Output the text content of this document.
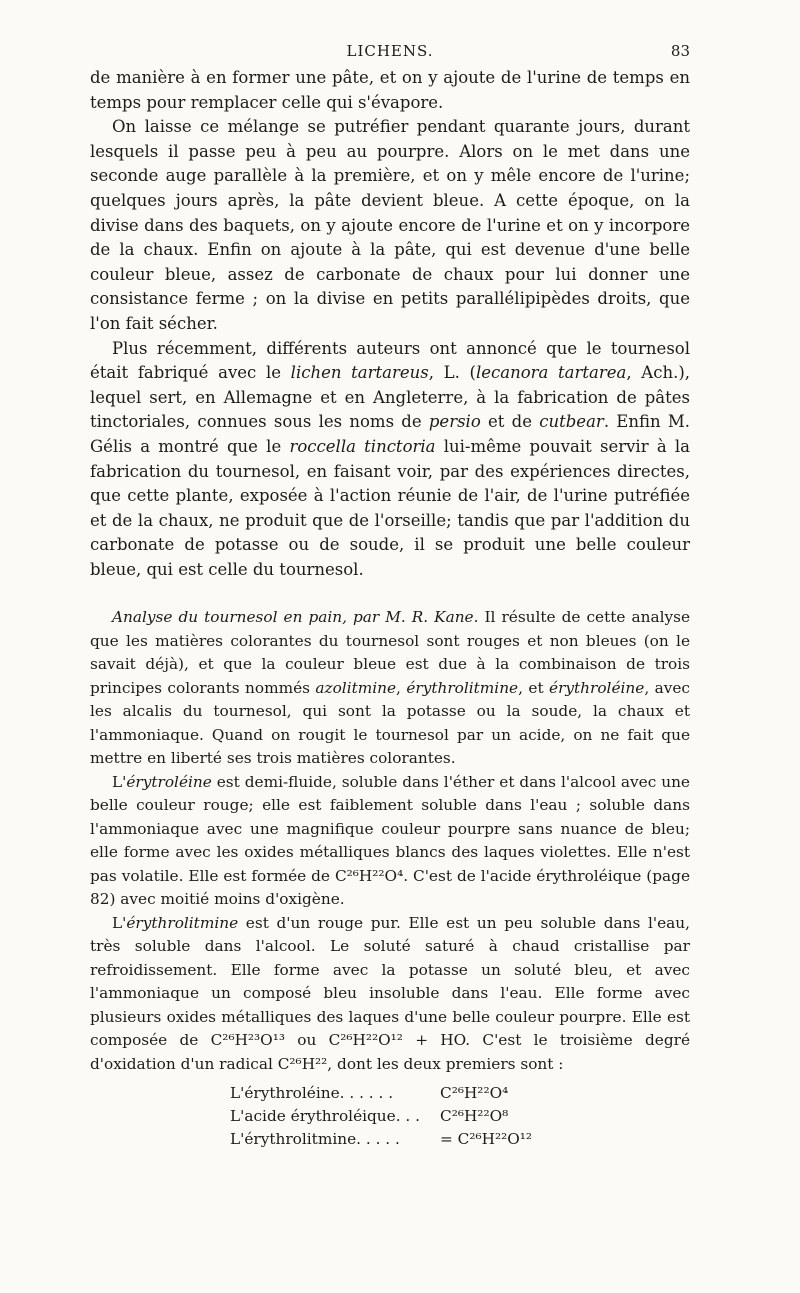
LICHENS.	83

de manière à en former une pâte, et on y ajoute de l'urine de temps en temps pour remplacer celle qui s'évapore.

On laisse ce mélange se putréfier pendant quarante jours, durant lesquels il passe peu à peu au pourpre. Alors on le met dans une seconde auge parallèle à la première, et on y mêle encore de l'urine; quelques jours après, la pâte devient bleue. A cette époque, on la divise dans des baquets, on y ajoute encore de l'urine et on y incorpore de la chaux. Enfin on ajoute à la pâte, qui est devenue d'une belle couleur bleue, assez de carbonate de chaux pour lui donner une consistance ferme ; on la divise en petits parallélipipèdes droits, que l'on fait sécher.

Plus récemment, différents auteurs ont annoncé que le tournesol était fabriqué avec le lichen tartareus, L. (lecanora tartarea, Ach.), lequel sert, en Allemagne et en Angleterre, à la fabrication de pâtes tinctoriales, connues sous les noms de persio et de cutbear. Enfin M. Gélis a montré que le roccella tinctoria lui-même pouvait servir à la fabrication du tournesol, en faisant voir, par des expériences directes, que cette plante, exposée à l'action réunie de l'air, de l'urine putréfiée et de la chaux, ne produit que de l'orseille; tandis que par l'addition du carbonate de potasse ou de soude, il se produit une belle couleur bleue, qui est celle du tournesol.

Analyse du tournesol en pain, par M. R. Kane. Il résulte de cette analyse que les matières colorantes du tournesol sont rouges et non bleues (on le savait déjà), et que la couleur bleue est due à la combinaison de trois principes colorants nommés azolitmine, érythrolitmine, et érythroléine, avec les alcalis du tournesol, qui sont la potasse ou la soude, la chaux et l'ammoniaque. Quand on rougit le tournesol par un acide, on ne fait que mettre en liberté ses trois matières colorantes.

L'érytroléine est demi-fluide, soluble dans l'éther et dans l'alcool avec une belle couleur rouge; elle est faiblement soluble dans l'eau ; soluble dans l'ammoniaque avec une magnifique couleur pourpre sans nuance de bleu; elle forme avec les oxides métalliques blancs des laques violettes. Elle n'est pas volatile. Elle est formée de C²⁶H²²O⁴. C'est de l'acide érythroléique (page 82) avec moitié moins d'oxigène.

L'érythrolitmine est d'un rouge pur. Elle est un peu soluble dans l'eau, très soluble dans l'alcool. Le soluté saturé à chaud cristallise par refroidissement. Elle forme avec la potasse un soluté bleu, et avec l'ammoniaque un composé bleu insoluble dans l'eau. Elle forme avec plusieurs oxides métalliques des laques d'une belle couleur pourpre. Elle est composée de C²⁶H²³O¹³ ou C²⁶H²²O¹² + HO. C'est le troisième degré d'oxidation d'un radical C²⁶H²², dont les deux premiers sont :

L'érythroléine. . . . . .	C²⁶H²²O⁴
L'acide érythroléique. . .	C²⁶H²²O⁸
L'érythrolitmine. . . . .	= C²⁶H²²O¹²
